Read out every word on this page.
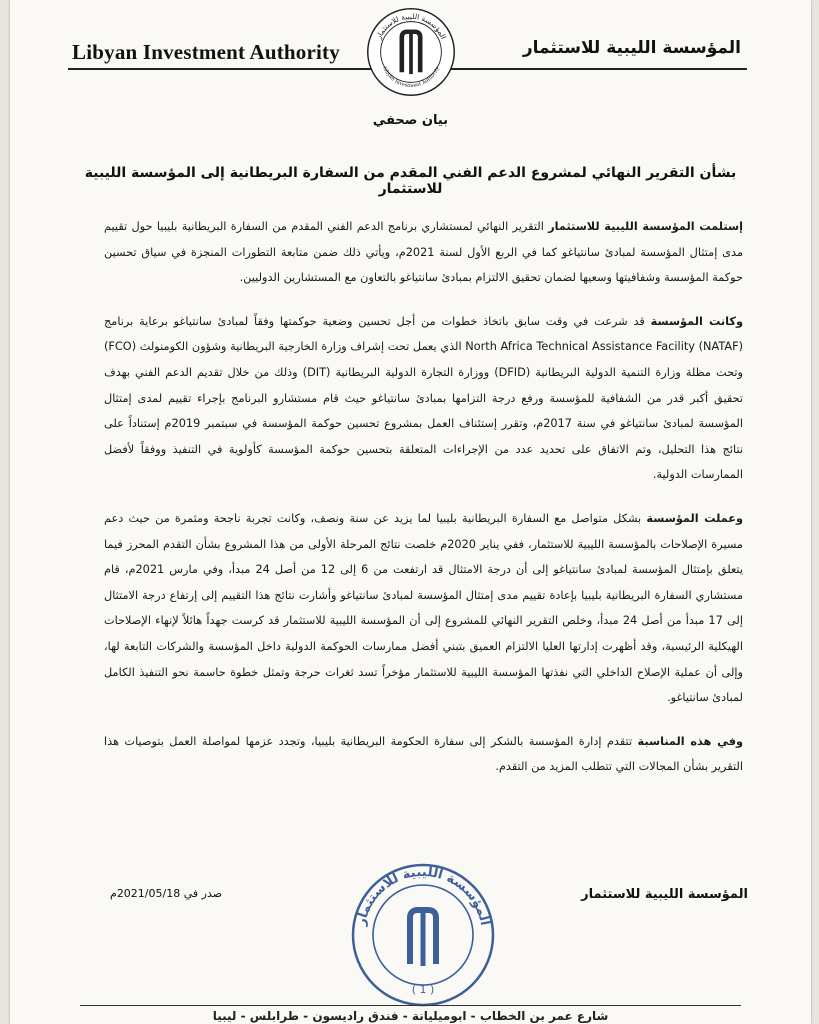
Libyan Investment Authority	المؤسسة الليبية للاستثمار
المؤسسة الليبية للاستثمار
Libyan Investment Authority
بيان صحفي
بشأن التقرير النهائي لمشروع الدعم الفني المقدم من السفارة البريطانية إلى المؤسسة الليبية للاستثمار

إستلمت المؤسسة الليبية للاستثمار التقرير النهائي لمستشاري برنامج الدعم الفني المقدم من السفارة البريطانية بليبيا حول تقييم مدى إمتثال المؤسسة لمبادئ سانتياغو كما في الربع الأول لسنة 2021م، ويأتي ذلك ضمن متابعة التطورات المنجزة في سياق تحسين حوكمة المؤسسة وشفافيتها وسعيها لضمان تحقيق الالتزام بمبادئ سانتياغو بالتعاون مع المستشارين الدوليين.

وكانت المؤسسة قد شرعت في وقت سابق باتخاذ خطوات من أجل تحسين وضعية حوكمتها وفقاً لمبادئ سانتياغو برعاية برنامج (NATAF) North Africa Technical Assistance Facility الذي يعمل تحت إشراف وزارة الخارجية البريطانية وشؤون الكومنولث (FCO) وتحت مظلة وزارة التنمية الدولية البريطانية (DFID) ووزارة التجارة الدولية البريطانية (DIT) وذلك من خلال تقديم الدعم الفني بهدف تحقيق أكبر قدر من الشفافية للمؤسسة ورفع درجة التزامها بمبادئ سانتياغو حيث قام مستشارو البرنامج بإجراء تقييم لمدى إمتثال المؤسسة لمبادئ سانتياغو في سنة 2017م، وتقرر إستئناف العمل بمشروع تحسين حوكمة المؤسسة في سبتمبر 2019م إستناداً على نتائج هذا التحليل، وتم الاتفاق على تحديد عدد من الإجراءات المتعلقة بتحسين حوكمة المؤسسة كأولوية في التنفيذ ووفقاً لأفضل الممارسات الدولية.

وعملت المؤسسة بشكل متواصل مع السفارة البريطانية بليبيا لما يزيد عن سنة ونصف، وكانت تجربة ناجحة ومثمرة من حيث دعم مسيرة الإصلاحات بالمؤسسة الليبية للاستثمار، ففي يناير 2020م خلصت نتائج المرحلة الأولى من هذا المشروع بشأن التقدم المحرز فيما يتعلق بإمتثال المؤسسة لمبادئ سانتياغو إلى أن درجة الامتثال قد ارتفعت من 6 إلى 12 من أصل 24 مبدأ، وفي مارس 2021م، قام مستشاري السفارة البريطانية بليبيا بإعادة تقييم مدى إمتثال المؤسسة لمبادئ سانتياغو وأشارت نتائج هذا التقييم إلى إرتفاع درجة الامتثال إلى 17 مبدأ من أصل 24 مبدأ، وخلص التقرير النهائي للمشروع إلى أن المؤسسة الليبية للاستثمار قد كرست جهداً هائلاً لإنهاء الإصلاحات الهيكلية الرئيسية، وقد أظهرت إدارتها العليا الالتزام العميق بتبني أفضل ممارسات الحوكمة الدولية داخل المؤسسة والشركات التابعة لها، وإلى أن عملية الإصلاح الداخلي التي نفذتها المؤسسة الليبية للاستثمار مؤخراً تسد ثغرات حرجة وتمثل خطوة حاسمة نحو التنفيذ الكامل لمبادئ سانتياغو.

وفي هذه المناسبة تتقدم إدارة المؤسسة بالشكر إلى سفارة الحكومة البريطانية بليبيا، وتجدد عزمها لمواصلة العمل بتوصيات هذا التقرير بشأن المجالات التي تتطلب المزيد من التقدم.

المؤسسة الليبية للاستثمار
صدر في 2021/05/18م
المؤسسة الليبية للاستثمار
( 1 )
شارع عمر بن الخطاب - ابوميليانة - فندق راديسون - طرابلس - ليبيا
